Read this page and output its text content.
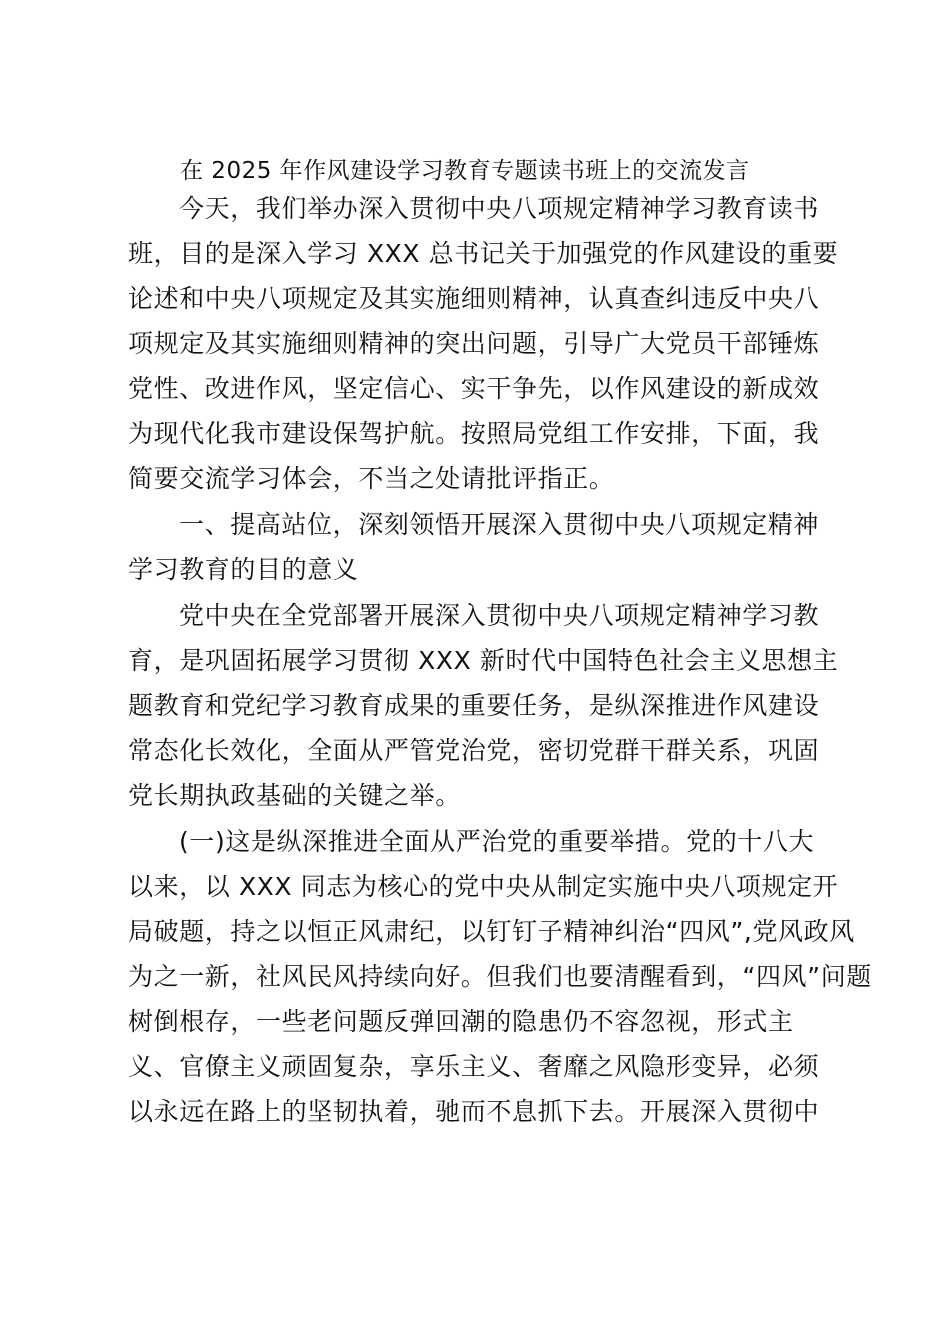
在 2025 年作风建设学习教育专题读书班上的交流发言
今天，我们举办深入贯彻中央八项规定精神学习教育读书
班，目的是深入学习 XXX 总书记关于加强党的作风建设的重要
论述和中央八项规定及其实施细则精神，认真查纠违反中央八
项规定及其实施细则精神的突出问题，引导广大党员干部锤炼
党性、改进作风，坚定信心、实干争先，以作风建设的新成效
为现代化我市建设保驾护航。按照局党组工作安排，下面，我
简要交流学习体会，不当之处请批评指正。
一、提高站位，深刻领悟开展深入贯彻中央八项规定精神
学习教育的目的意义
党中央在全党部署开展深入贯彻中央八项规定精神学习教
育，是巩固拓展学习贯彻 XXX 新时代中国特色社会主义思想主
题教育和党纪学习教育成果的重要任务，是纵深推进作风建设
常态化长效化，全面从严管党治党，密切党群干群关系，巩固
党长期执政基础的关键之举。
(一)这是纵深推进全面从严治党的重要举措。党的十八大
以来，以 XXX 同志为核心的党中央从制定实施中央八项规定开
局破题，持之以恒正风肃纪，以钉钉子精神纠治“四风”,党风政风
为之一新，社风民风持续向好。但我们也要清醒看到，“四风”问题
树倒根存，一些老问题反弹回潮的隐患仍不容忽视，形式主
义、官僚主义顽固复杂，享乐主义、奢靡之风隐形变异，必须
以永远在路上的坚韧执着，驰而不息抓下去。开展深入贯彻中
